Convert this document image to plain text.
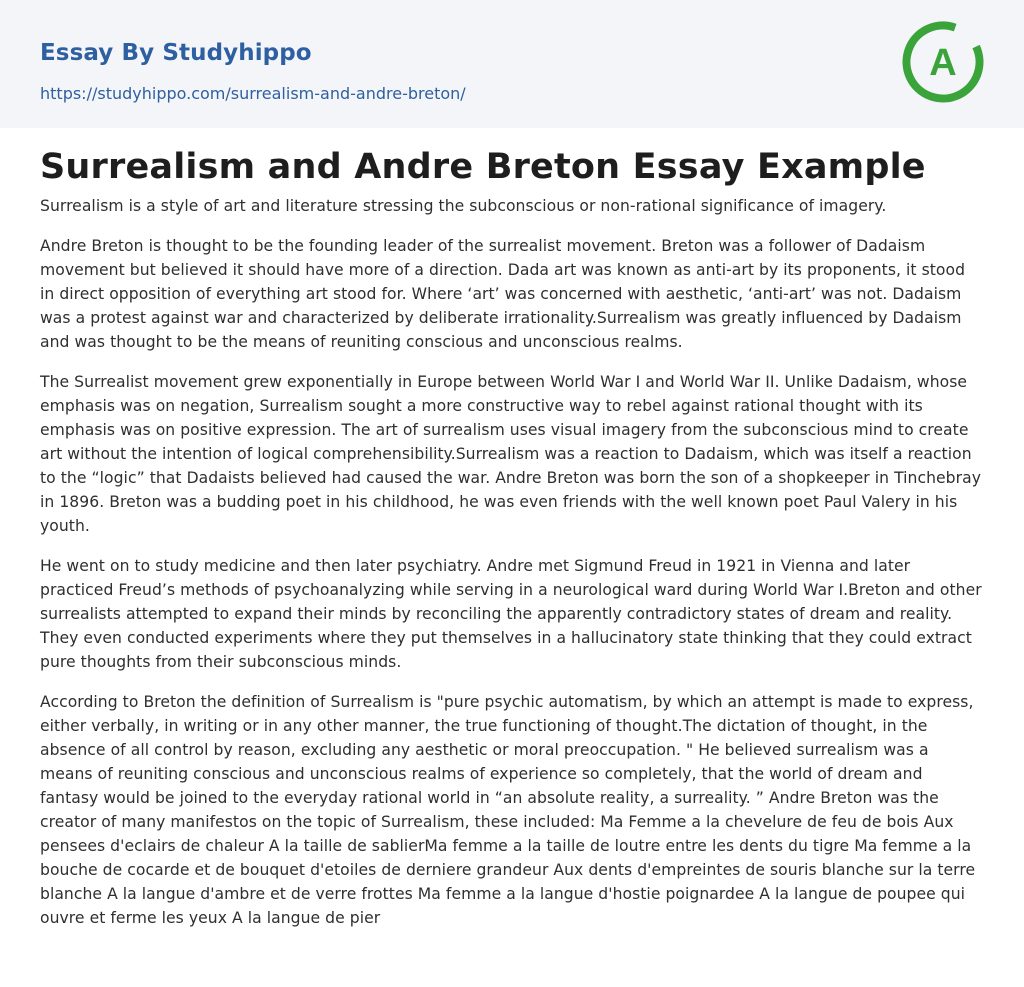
Essay By Studyhippo
https://studyhippo.com/surrealism-and-andre-breton/
A
Surrealism and Andre Breton Essay Example

Surrealism is a style of art and literature stressing the subconscious or non-rational significance of imagery.

Andre Breton is thought to be the founding leader of the surrealist movement. Breton was a follower of Dadaism movement but believed it should have more of a direction. Dada art was known as anti-art by its proponents, it stood in direct opposition of everything art stood for. Where ‘art’ was concerned with aesthetic, ‘anti-art’ was not. Dadaism was a protest against war and characterized by deliberate irrationality.Surrealism was greatly influenced by Dadaism and was thought to be the means of reuniting conscious and unconscious realms.

The Surrealist movement grew exponentially in Europe between World War I and World War II. Unlike Dadaism, whose emphasis was on negation, Surrealism sought a more constructive way to rebel against rational thought with its emphasis was on positive expression. The art of surrealism uses visual imagery from the subconscious mind to create art without the intention of logical comprehensibility.Surrealism was a reaction to Dadaism, which was itself a reaction to the “logic” that Dadaists believed had caused the war. Andre Breton was born the son of a shopkeeper in Tinchebray in 1896. Breton was a budding poet in his childhood, he was even friends with the well known poet Paul Valery in his youth.

He went on to study medicine and then later psychiatry. Andre met Sigmund Freud in 1921 in Vienna and later practiced Freud’s methods of psychoanalyzing while serving in a neurological ward during World War I.Breton and other surrealists attempted to expand their minds by reconciling the apparently contradictory states of dream and reality. They even conducted experiments where they put themselves in a hallucinatory state thinking that they could extract pure thoughts from their subconscious minds.

According to Breton the definition of Surrealism is "pure psychic automatism, by which an attempt is made to express, either verbally, in writing or in any other manner, the true functioning of thought.The dictation of thought, in the absence of all control by reason, excluding any aesthetic or moral preoccupation. " He believed surrealism was a means of reuniting conscious and unconscious realms of experience so completely, that the world of dream and fantasy would be joined to the everyday rational world in “an absolute reality, a surreality. ” Andre Breton was the creator of many manifestos on the topic of Surrealism, these included: Ma Femme a la chevelure de feu de bois Aux pensees d'eclairs de chaleur A la taille de sablierMa femme a la taille de loutre entre les dents du tigre Ma femme a la bouche de cocarde et de bouquet d'etoiles de derniere grandeur Aux dents d'empreintes de souris blanche sur la terre blanche A la langue d'ambre et de verre frottes Ma femme a la langue d'hostie poignardee A la langue de poupee qui ouvre et ferme les yeux A la langue de pier
